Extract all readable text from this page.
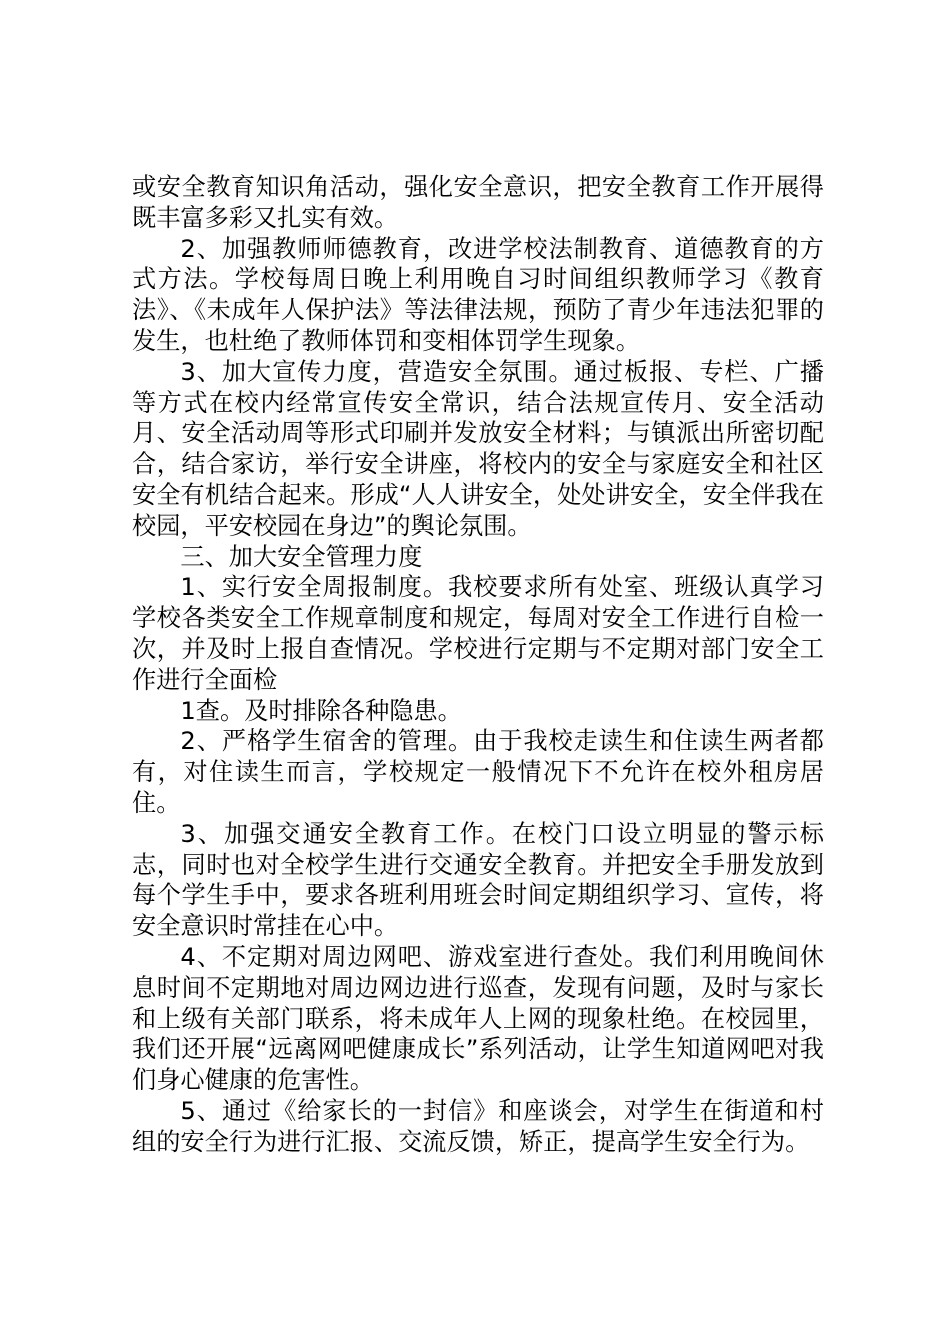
或安全教育知识角活动，强化安全意识，把安全教育工作开展得既丰富多彩又扎实有效。

2、加强教师师德教育，改进学校法制教育、道德教育的方式方法。学校每周日晚上利用晚自习时间组织教师学习《教育法》、《未成年人保护法》等法律法规，预防了青少年违法犯罪的发生，也杜绝了教师体罚和变相体罚学生现象。

3、加大宣传力度，营造安全氛围。通过板报、专栏、广播等方式在校内经常宣传安全常识，结合法规宣传月、安全活动月、安全活动周等形式印刷并发放安全材料；与镇派出所密切配合，结合家访，举行安全讲座，将校内的安全与家庭安全和社区安全有机结合起来。形成“人人讲安全，处处讲安全，安全伴我在校园，平安校园在身边”的舆论氛围。

三、加大安全管理力度

1、实行安全周报制度。我校要求所有处室、班级认真学习学校各类安全工作规章制度和规定，每周对安全工作进行自检一次，并及时上报自查情况。学校进行定期与不定期对部门安全工作进行全面检

1查。及时排除各种隐患。

2、严格学生宿舍的管理。由于我校走读生和住读生两者都有，对住读生而言，学校规定一般情况下不允许在校外租房居住。

3、加强交通安全教育工作。在校门口设立明显的警示标志，同时也对全校学生进行交通安全教育。并把安全手册发放到每个学生手中，要求各班利用班会时间定期组织学习、宣传，将安全意识时常挂在心中。

4、不定期对周边网吧、游戏室进行查处。我们利用晚间休息时间不定期地对周边网边进行巡查，发现有问题，及时与家长和上级有关部门联系，将未成年人上网的现象杜绝。在校园里，我们还开展“远离网吧健康成长”系列活动，让学生知道网吧对我们身心健康的危害性。

5、通过《给家长的一封信》和座谈会，对学生在街道和村组的安全行为进行汇报、交流反馈，矫正，提高学生安全行为。
